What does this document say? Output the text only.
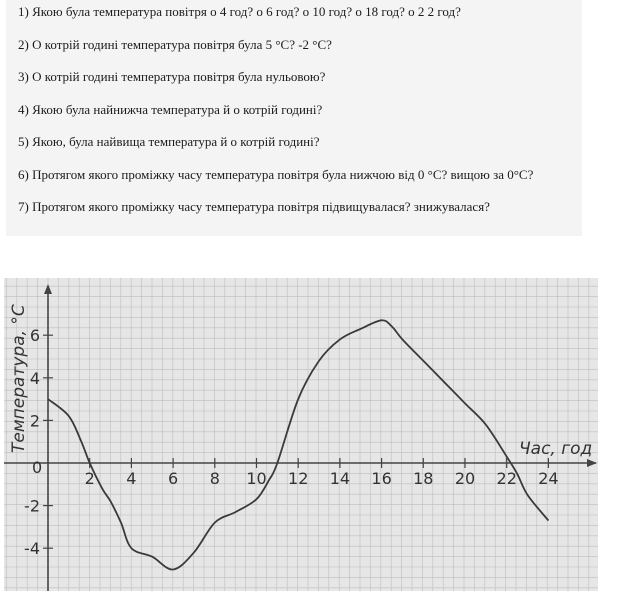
1) Якою була температура повітря о 4 год? о 6 год? о 10 год? о 18 год? о 2 2 год?
2) О котрій годині температура повітря була 5 °С? -2 °С?
3) О котрій годині температура повітря була нульовою?
4) Якою була найнижча температура й о котрій годині?
5) Якою, була найвища температура й о котрій годині?
6) Протягом якого проміжку часу температура повітря була нижчою від 0 °С? вищою за 0°С?
7) Протягом якого проміжку часу температура повітря підвищувалася? знижувалася?
2 4 6 8 10 12 14 16 18 20 22 24
6
4
2
-2
-4
Температура, °С	Час, год
0
